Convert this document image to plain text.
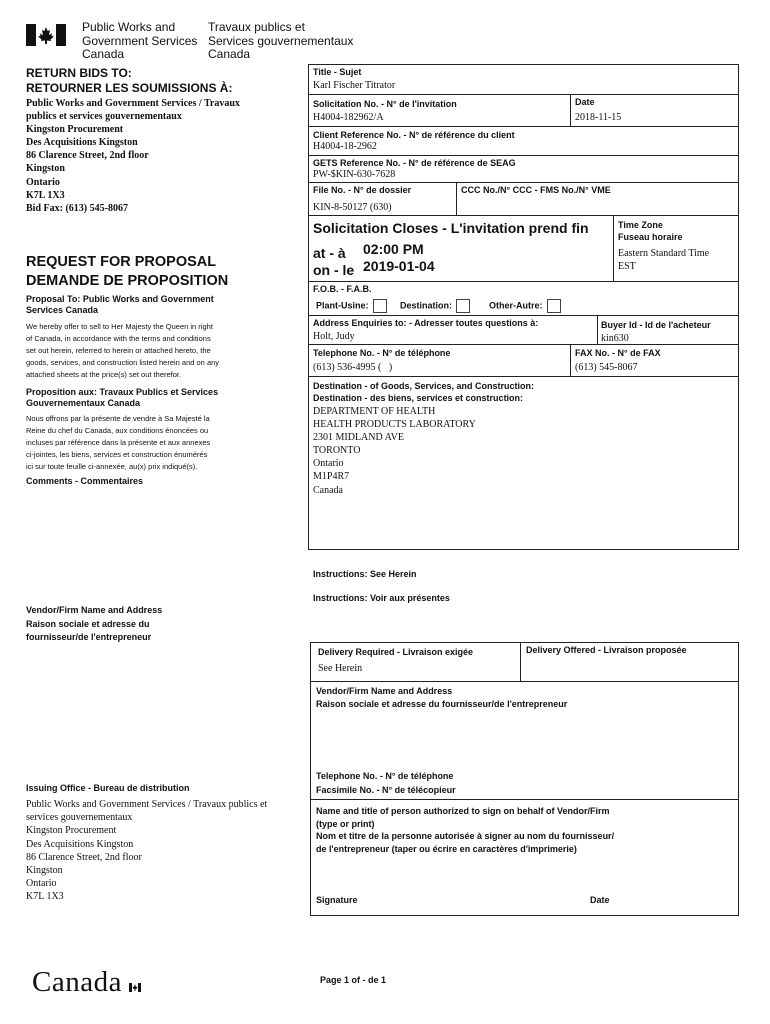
Public Works and
Government Services
Canada
Travaux publics et
Services gouvernementaux
Canada
RETURN BIDS TO:
RETOURNER LES SOUMISSIONS À:
Public Works and Government Services / Travaux
publics et services gouvernementaux
Kingston Procurement
Des Acquisitions Kingston
86 Clarence Street, 2nd floor
Kingston
Ontario
K7L 1X3
Bid Fax: (613) 545-8067
REQUEST FOR PROPOSAL
DEMANDE DE PROPOSITION
Proposal To: Public Works and Government
Services Canada
We hereby offer to sell to Her Majesty the Queen in right
of Canada, in accordance with the terms and conditions
set out herein, referred to herein or attached hereto, the
goods, services, and construction listed herein and on any
attached sheets at the price(s) set out therefor.
Proposition aux: Travaux Publics et Services
Gouvernementaux Canada
Nous offrons par la présente de vendre à Sa Majesté la
Reine du chef du Canada, aux conditions énoncées ou
incluses par référence dans la présente et aux annexes
ci-jointes, les biens, services et construction énumérés
ici sur toute feuille ci-annexée, au(x) prix indiqué(s).
Comments - Commentaires
Vendor/Firm Name and Address
Raison sociale et adresse du
fournisseur/de l'entrepreneur
Issuing Office - Bureau de distribution
Public Works and Government Services / Travaux publics et
services gouvernementaux
Kingston Procurement
Des Acquisitions Kingston
86 Clarence Street, 2nd floor
Kingston
Ontario
K7L 1X3
Title - Sujet
Karl Fischer Titrator
Solicitation No. - N° de l'invitation
H4004-182962/A
Date
2018-11-15
Client Reference No. - N° de référence du client
H4004-18-2962
GETS Reference No. - N° de référence de SEAG
PW-$KIN-630-7628
File No. - N° de dossier
KIN-8-50127 (630)
CCC No./N° CCC - FMS No./N° VME
Solicitation Closes - L'invitation prend fin
at - à 02:00 PM
on - le 2019-01-04
Time Zone
Fuseau horaire
Eastern Standard Time
EST
F.O.B. - F.A.B.
Plant-Usine:	Destination:	Other-Autre:
Address Enquiries to: - Adresser toutes questions à:
Holt, Judy
Buyer Id - Id de l'acheteur
kin630
Telephone No. - N° de téléphone
(613) 536-4995 (   )
FAX No. - N° de FAX
(613) 545-8067
Destination - of Goods, Services, and Construction:
Destination - des biens, services et construction:
DEPARTMENT OF HEALTH
HEALTH PRODUCTS LABORATORY
2301 MIDLAND AVE
TORONTO
Ontario
M1P4R7
Canada
Instructions: See Herein
Instructions: Voir aux présentes
Delivery Required - Livraison exigée
See Herein
Delivery Offered - Livraison proposée
Vendor/Firm Name and Address
Raison sociale et adresse du fournisseur/de l'entrepreneur
Telephone No. - N° de téléphone
Facsimile No. - N° de télécopieur
Name and title of person authorized to sign on behalf of Vendor/Firm
(type or print)
Nom et titre de la personne autorisée à signer au nom du fournisseur/
de l'entrepreneur (taper ou écrire en caractères d'imprimerie)
Signature	Date
Canada	Page 1 of - de 1
